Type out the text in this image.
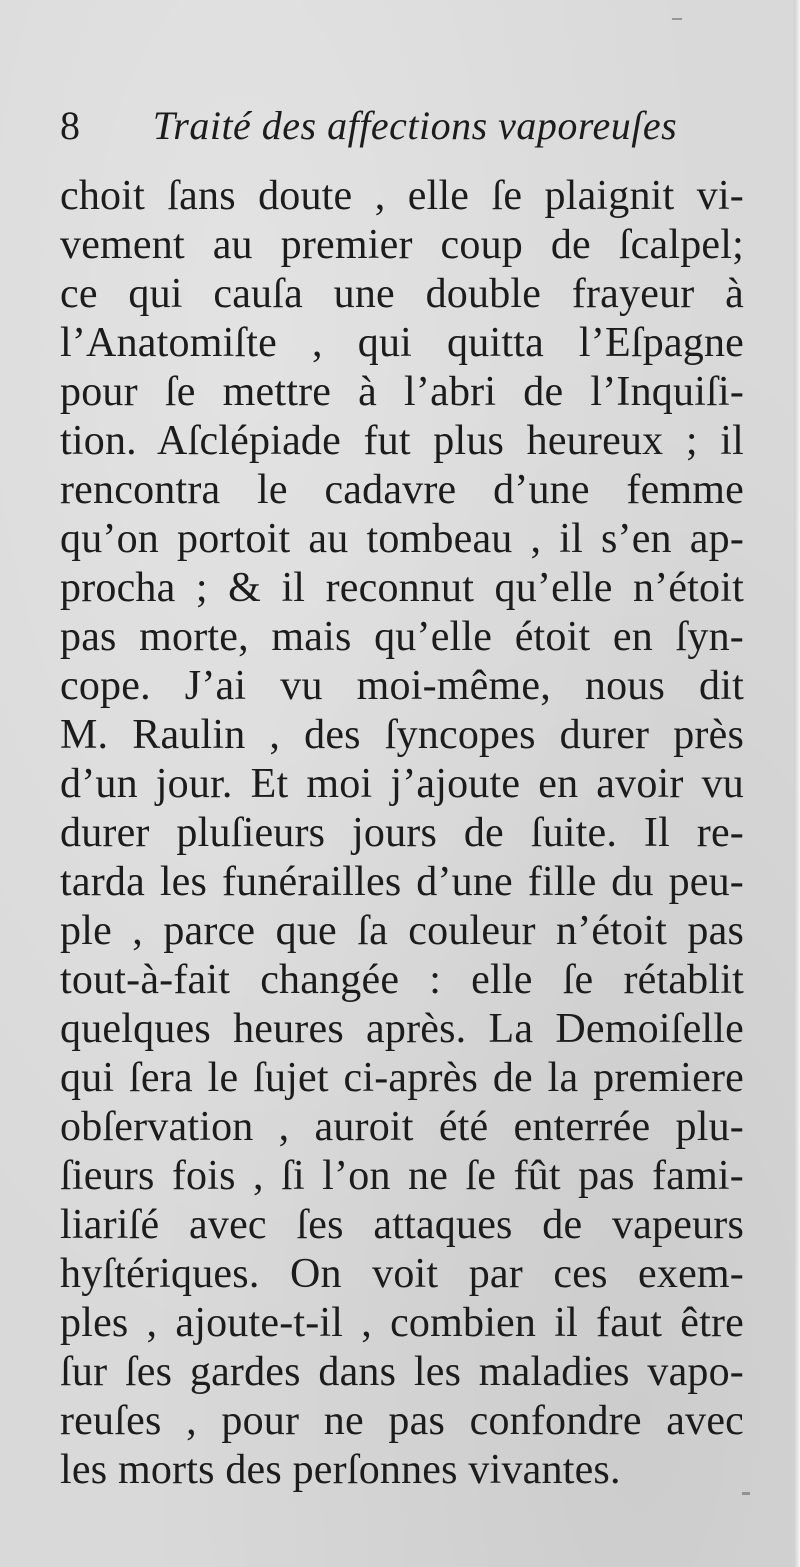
8 Traité des affections vaporeuſes
choit ſans doute , elle ſe plaignit vi-
vement au premier coup de ſcalpel;
ce qui cauſa une double frayeur à
l’Anatomiſte , qui quitta l’Eſpagne
pour ſe mettre à l’abri de l’Inquiſi-
tion. Aſclépiade fut plus heureux ; il
rencontra le cadavre d’une femme
qu’on portoit au tombeau , il s’en ap-
procha ; & il reconnut qu’elle n’étoit
pas morte, mais qu’elle étoit en ſyn-
cope. J’ai vu moi-même, nous dit
M. Raulin , des ſyncopes durer près
d’un jour. Et moi j’ajoute en avoir vu
durer pluſieurs jours de ſuite. Il re-
tarda les funérailles d’une fille du peu-
ple , parce que ſa couleur n’étoit pas
tout-à-fait changée : elle ſe rétablit
quelques heures après. La Demoiſelle
qui ſera le ſujet ci-après de la premiere
obſervation , auroit été enterrée plu-
ſieurs fois , ſi l’on ne ſe fût pas fami-
liariſé avec ſes attaques de vapeurs
hyſtériques. On voit par ces exem-
ples , ajoute-t-il , combien il faut être
ſur ſes gardes dans les maladies vapo-
reuſes , pour ne pas confondre avec
les morts des perſonnes vivantes.
